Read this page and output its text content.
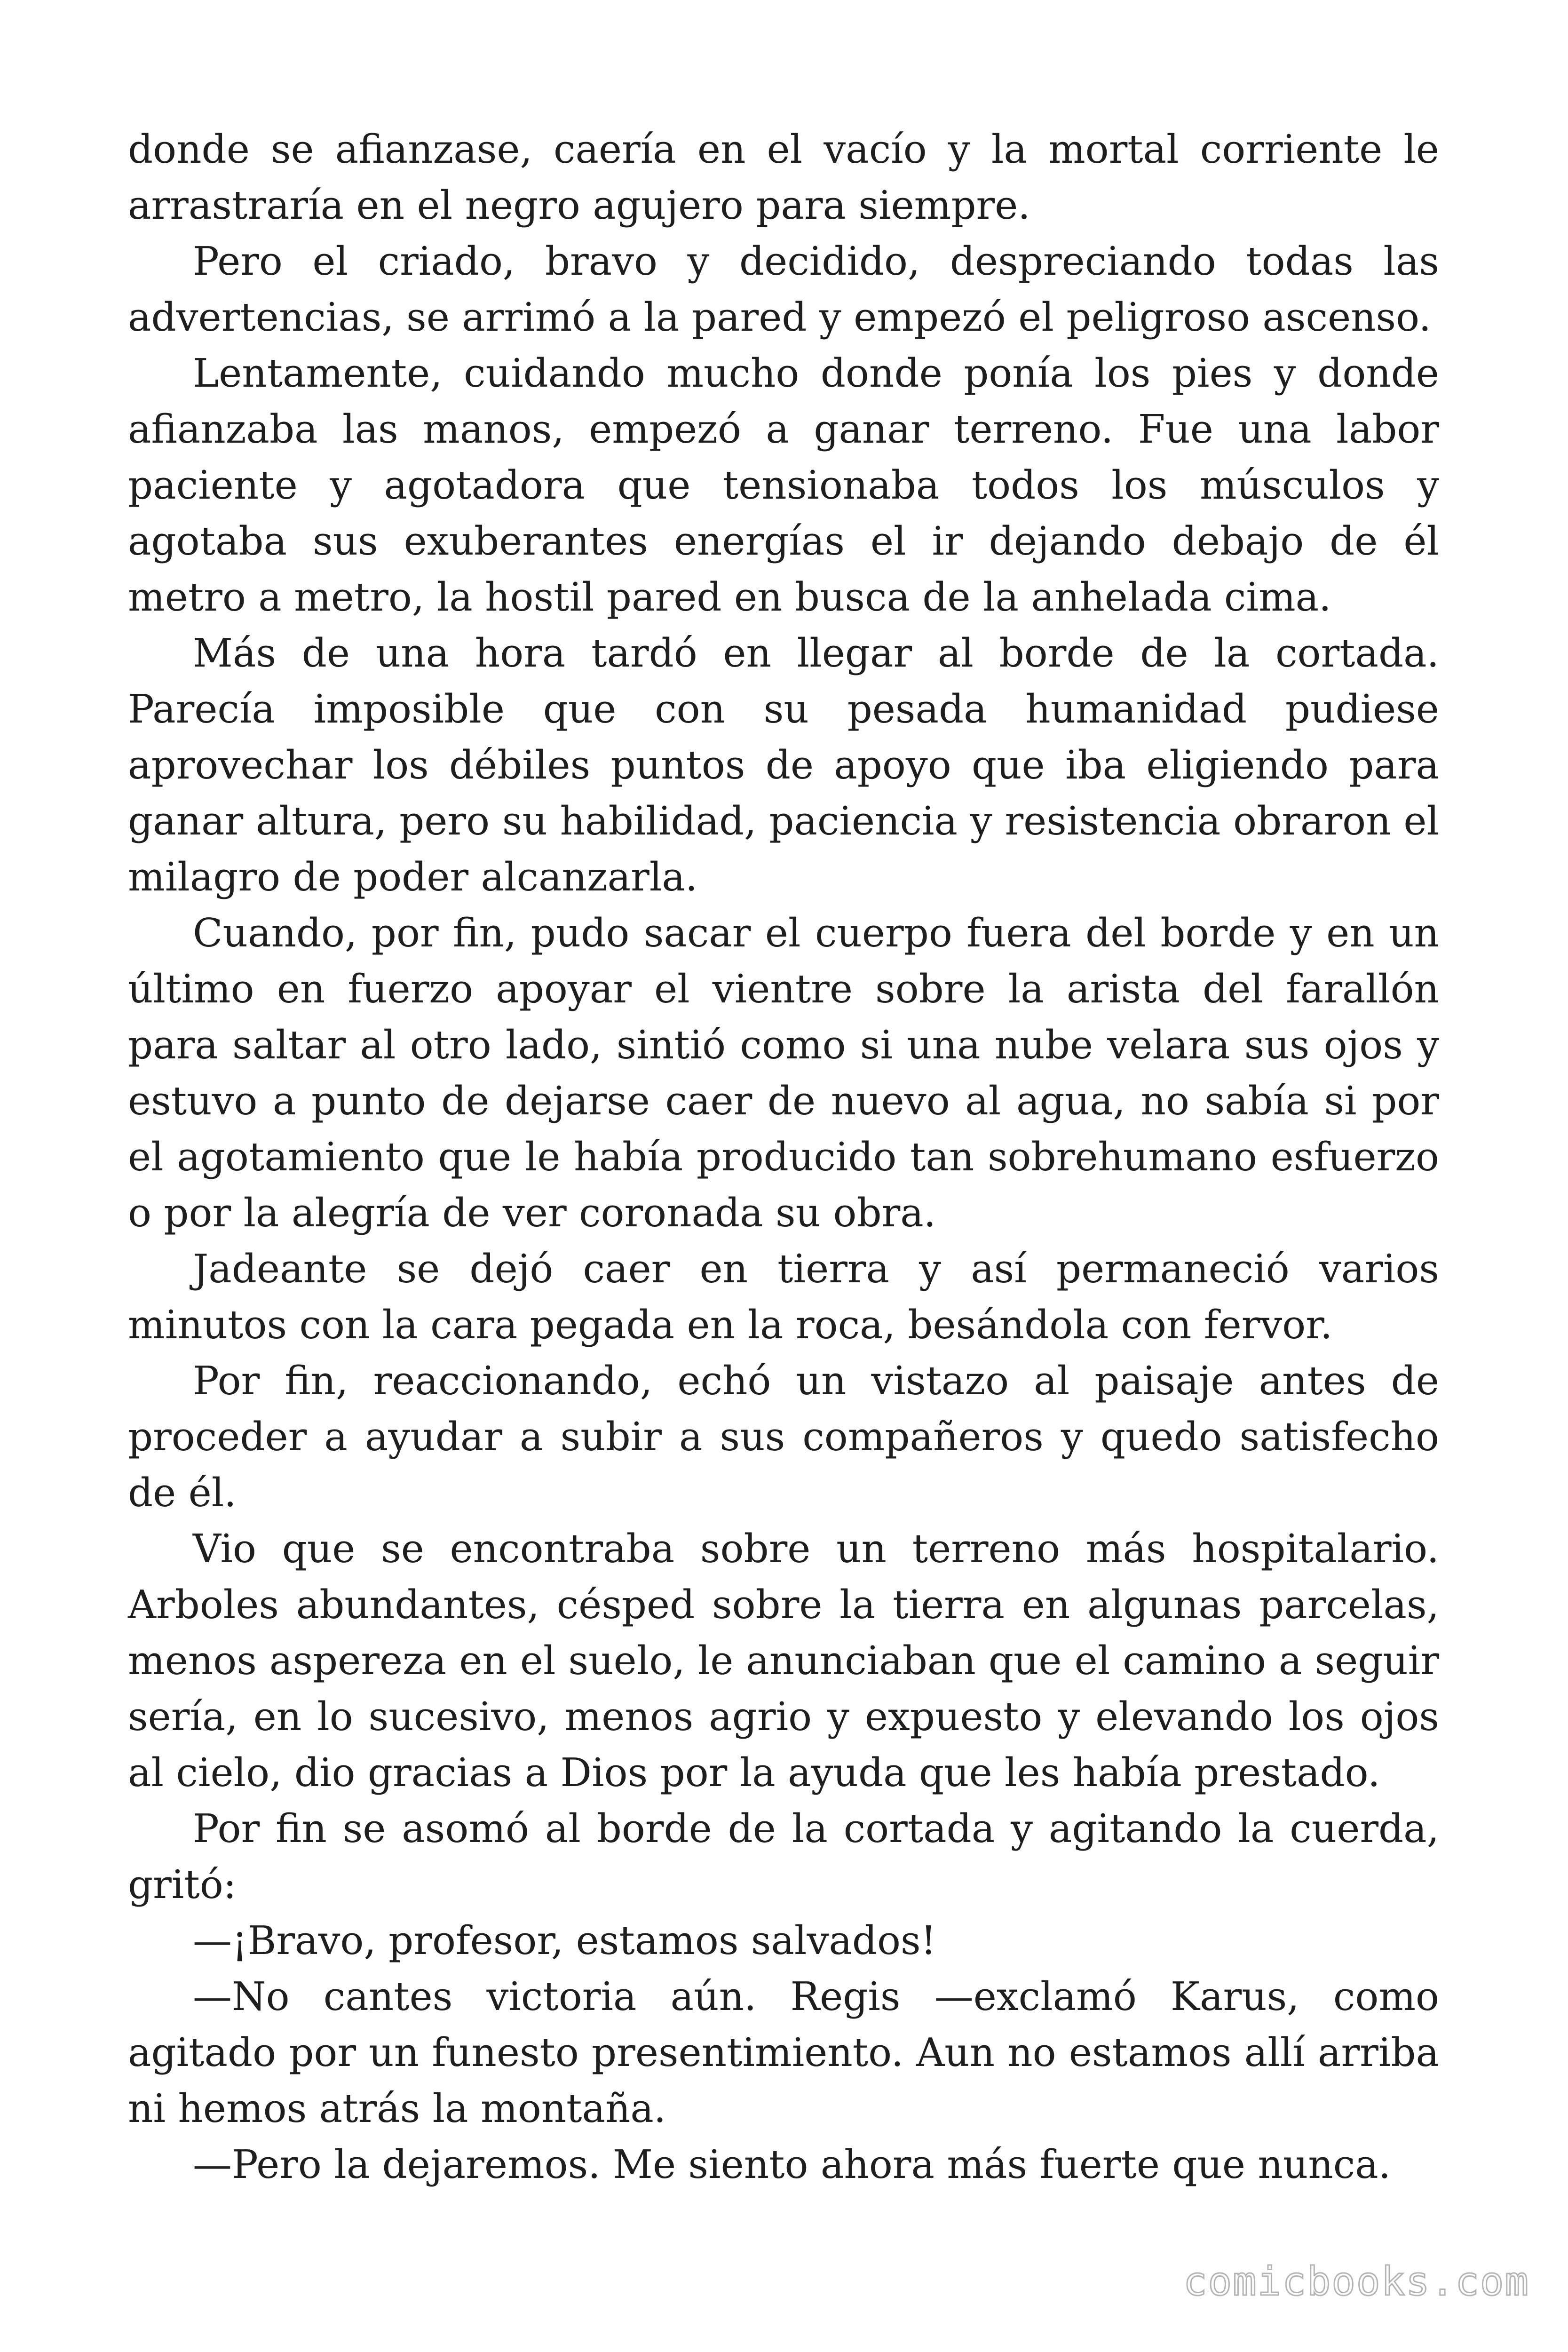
donde se afianzase, caería en el vacío y la mortal corriente le arrastraría en el negro agujero para siempre.

Pero el criado, bravo y decidido, despreciando todas las advertencias, se arrimó a la pared y empezó el peligroso ascenso.

Lentamente, cuidando mucho donde ponía los pies y donde afianzaba las manos, empezó a ganar terreno. Fue una labor paciente y agotadora que tensionaba todos los músculos y agotaba sus exuberantes energías el ir dejando debajo de él metro a metro, la hostil pared en busca de la anhelada cima.

Más de una hora tardó en llegar al borde de la cortada. Parecía imposible que con su pesada humanidad pudiese aprovechar los débiles puntos de apoyo que iba eligiendo para ganar altura, pero su habilidad, paciencia y resistencia obraron el milagro de poder alcanzarla.

Cuando, por fin, pudo sacar el cuerpo fuera del borde y en un último en fuerzo apoyar el vientre sobre la arista del farallón para saltar al otro lado, sintió como si una nube velara sus ojos y estuvo a punto de dejarse caer de nuevo al agua, no sabía si por el agotamiento que le había producido tan sobrehumano esfuerzo o por la alegría de ver coronada su obra.

Jadeante se dejó caer en tierra y así permaneció varios minutos con la cara pegada en la roca, besándola con fervor.

Por fin, reaccionando, echó un vistazo al paisaje antes de proceder a ayudar a subir a sus compañeros y quedo satisfecho de él.

Vio que se encontraba sobre un terreno más hospitalario. Arboles abundantes, césped sobre la tierra en algunas parcelas, menos aspereza en el suelo, le anunciaban que el camino a seguir sería, en lo sucesivo, menos agrio y expuesto y elevando los ojos al cielo, dio gracias a Dios por la ayuda que les había prestado.

Por fin se asomó al borde de la cortada y agitando la cuerda, gritó:

—¡Bravo, profesor, estamos salvados!

—No cantes victoria aún. Regis —exclamó Karus, como agitado por un funesto presentimiento. Aun no estamos allí arriba ni hemos atrás la montaña.

—Pero la dejaremos. Me siento ahora más fuerte que nunca.

comicbooks.com
